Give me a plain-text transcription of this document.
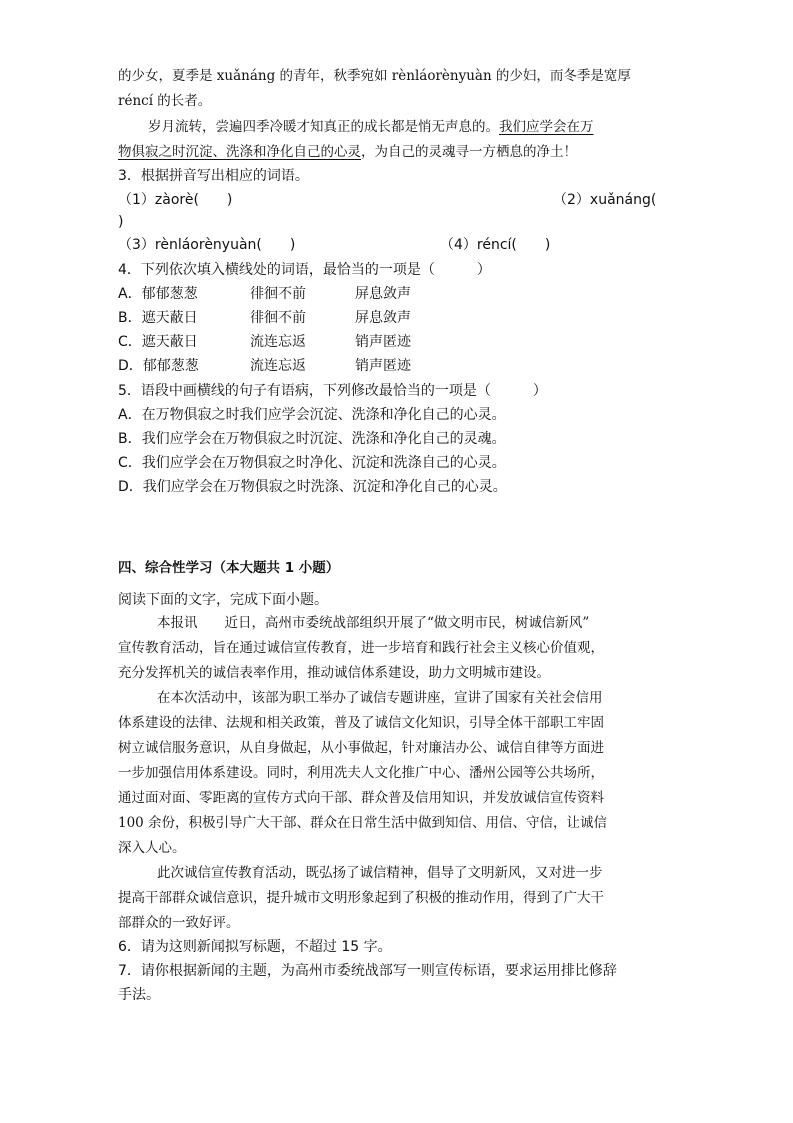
的少女，夏季是 xuǎnáng 的青年，秋季宛如 rènláorènyuàn 的少妇，而冬季是宽厚
réncí 的长者。
岁月流转，尝遍四季冷暖才知真正的成长都是悄无声息的。我们应学会在万
物俱寂之时沉淀、洗涤和净化自己的心灵，为自己的灵魂寻一方栖息的净土！
3．根据拼音写出相应的词语。
（1）zàorè(　　)	（2）xuǎnáng(
)
（3）rènláorènyuàn(　　)	（4）réncí(　　)
4．下列依次填入横线处的词语，最恰当的一项是（　　　）
A．郁郁葱葱	徘徊不前	屏息敛声
B．遮天蔽日	徘徊不前	屏息敛声
C．遮天蔽日	流连忘返	销声匿迹
D．郁郁葱葱	流连忘返	销声匿迹
5．语段中画横线的句子有语病，下列修改最恰当的一项是（　　　）
A．在万物俱寂之时我们应学会沉淀、洗涤和净化自己的心灵。
B．我们应学会在万物俱寂之时沉淀、洗涤和净化自己的灵魂。
C．我们应学会在万物俱寂之时净化、沉淀和洗涤自己的心灵。
D．我们应学会在万物俱寂之时洗涤、沉淀和净化自己的心灵。
四、综合性学习（本大题共 1 小题）
阅读下面的文字，完成下面小题。
本报讯　　近日，高州市委统战部组织开展了“做文明市民，树诚信新风”
宣传教育活动，旨在通过诚信宣传教育，进一步培育和践行社会主义核心价值观，
充分发挥机关的诚信表率作用，推动诚信体系建设，助力文明城市建设。
在本次活动中，该部为职工举办了诚信专题讲座，宣讲了国家有关社会信用
体系建设的法律、法规和相关政策，普及了诚信文化知识，引导全体干部职工牢固
树立诚信服务意识，从自身做起，从小事做起，针对廉洁办公、诚信自律等方面进
一步加强信用体系建设。同时，利用冼夫人文化推广中心、潘州公园等公共场所，
通过面对面、零距离的宣传方式向干部、群众普及信用知识，并发放诚信宣传资料
100 余份，积极引导广大干部、群众在日常生活中做到知信、用信、守信，让诚信
深入人心。
此次诚信宣传教育活动，既弘扬了诚信精神，倡导了文明新风，又对进一步
提高干部群众诚信意识，提升城市文明形象起到了积极的推动作用，得到了广大干
部群众的一致好评。
6．请为这则新闻拟写标题，不超过 15 字。
7．请你根据新闻的主题，为高州市委统战部写一则宣传标语，要求运用排比修辞
手法。
